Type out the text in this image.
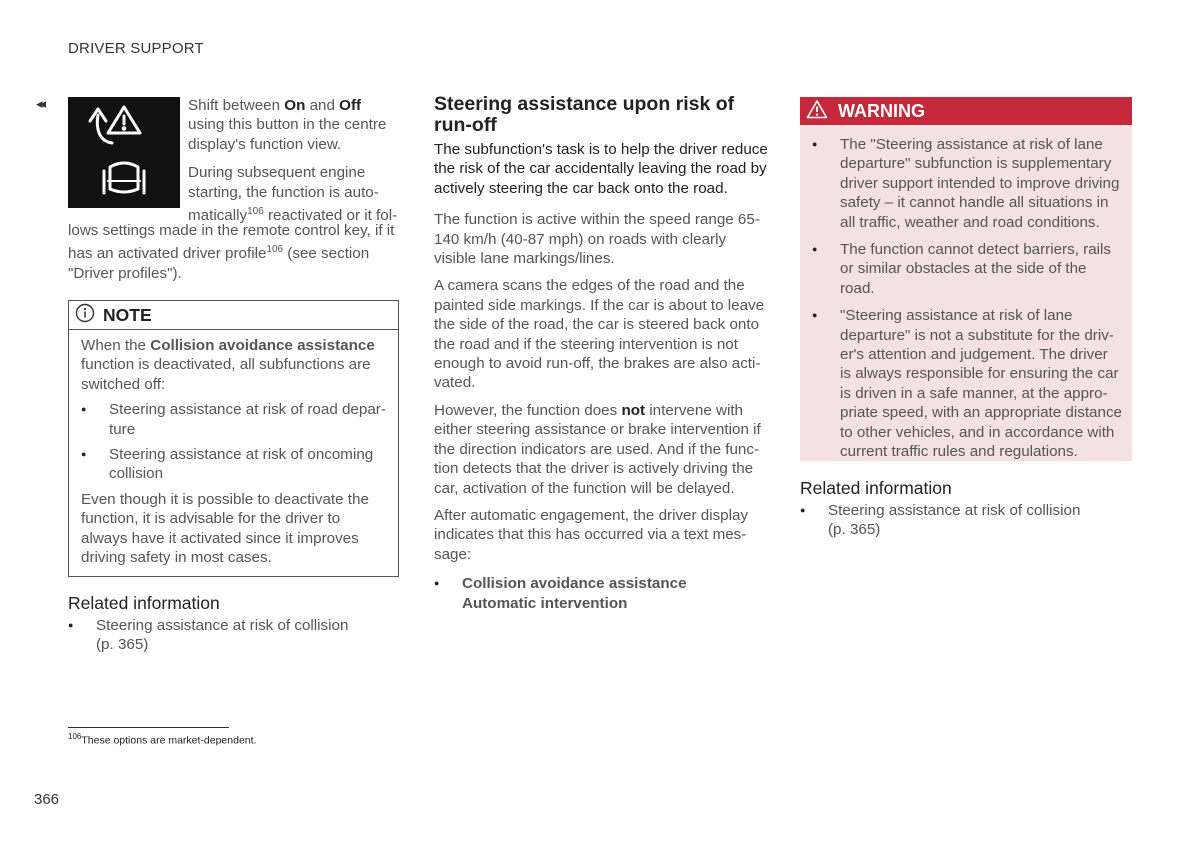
DRIVER SUPPORT
◂◂	Shift between On and Off using this button in the centre display's function view.

During subsequent engine starting, the function is auto-matically$^{106}$ reactivated or it fol-

lows settings made in the remote control key, if it has an activated driver profile$^{106}$ (see section "Driver profiles").

NOTE

When the Collision avoidance assistance function is deactivated, all subfunctions are switched off:

● Steering assistance at risk of road depar-ture
● Steering assistance at risk of oncoming collision

Even though it is possible to deactivate the function, it is advisable for the driver to always have it activated since it improves driving safety in most cases.

Related information

● Steering assistance at risk of collision
(p. 365)
Steering assistance upon risk of run-off

The subfunction's task is to help the driver reduce the risk of the car accidentally leaving the road by actively steering the car back onto the road.

The function is active within the speed range 65-140 km/h (40-87 mph) on roads with clearly visible lane markings/lines.

A camera scans the edges of the road and the painted side markings. If the car is about to leave the side of the road, the car is steered back onto the road and if the steering intervention is not enough to avoid run-off, the brakes are also acti-vated.

However, the function does not intervene with either steering assistance or brake intervention if the direction indicators are used. And if the func-tion detects that the driver is actively driving the car, activation of the function will be delayed.

After automatic engagement, the driver display indicates that this has occurred via a text mes-sage:

● Collision avoidance assistance
Automatic intervention
WARNING
● The "Steering assistance at risk of lane departure" subfunction is supplementary driver support intended to improve driving safety – it cannot handle all situations in all traffic, weather and road conditions.
● The function cannot detect barriers, rails or similar obstacles at the side of the road.
● "Steering assistance at risk of lane departure" is not a substitute for the driv-er's attention and judgement. The driver is always responsible for ensuring the car is driven in a safe manner, at the appro-priate speed, with an appropriate distance to other vehicles, and in accordance with current traffic rules and regulations.

Related information

● Steering assistance at risk of collision
(p. 365)
$^{106}$These options are market-dependent.
366
